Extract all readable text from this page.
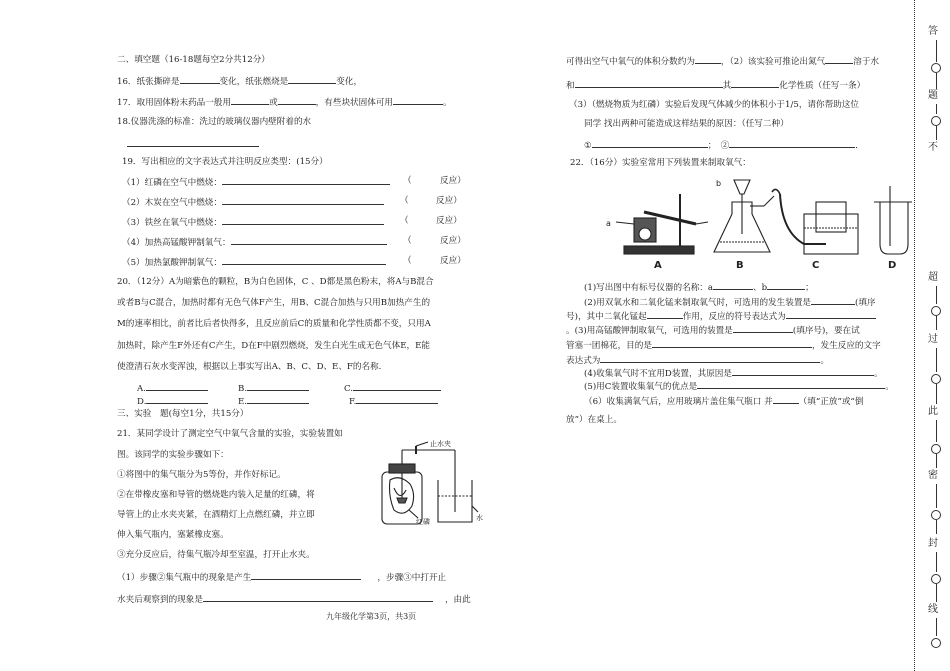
二、填空题（16-18题每空2分共12分）
16．纸张撕碎是	变化，纸张燃烧是	变化，
17．取用固体粉末药品一般用	或	，有些块状固体可用	。
18.仪器洗涤的标准：洗过的玻璃仪器内壁附着的水
19．写出相应的文字表达式并注明反应类型：(15分）
（1）红磷在空气中燃烧：	（	反应）
（2）木炭在空气中燃烧：	（	反应）
（3）铁丝在氧气中燃烧：	（	反应）
（4）加热高锰酸钾制氧气：	（	反应）
（5）加热氯酸钾制氧气：	（	反应）
20．（12分）A为暗紫色的颗粒，B为白色固体，C 、D都是黑色粉末，将A与B混合
或者B与C混合，加热时都有无色气体F产生，用B、C混合加热与只用B加热产生的
M的速率相比，前者比后者快得多，且反应前后C的质量和化学性质都不变，只用A
加热时，除产生F外还有C产生，D在F中剧烈燃烧，发生白光生成无色气体E，E能
使澄清石灰水变浑浊，根据以上事实写出A、B、C、D、E、F的名称.
A.	B.	C.
D.	E.	F.
三、实验　题(每空1分，共15分）
21．某同学设计了测定空气中氧气含量的实验，实验装置如
图。该同学的实验步骤如下：
①将图中的集气瓶分为5等份，并作好标记。
②在带橡皮塞和导管的燃烧匙内装入足量的红磷，将
导管上的止水夹夹紧，在酒精灯上点燃红磷，并立即
伸入集气瓶内，塞紧橡皮塞。
③充分反应后，待集气瓶冷却至室温，打开止水夹。
（1）步骤②集气瓶中的现象是产生	，步骤③中打开止
水夹后观察到的现象是	，由此
止水夹
红磷	水
九年级化学第3页，共3页
可得出空气中氧气的体积分数约为	，（2）该实验可推论出氮气	溶于水
和	其	化学性质（任写一条）
（3）（燃烧物质为红磷）实验后发现气体减少的体积小于1/5，请你帮助这位
同学 找出两种可能造成这样结果的原因：（任写二种）
①	；　②	．
22．（16分）实验室常用下列装置来制取氧气：
A	B	C	D
a
b
(1)写出图中有标号仪器的名称：a	、b	；
(2)用双氧水和二氧化锰来制取氧气时，可选用的发生装置是	(填序
号)，其中二氧化锰起	作用，反应的符号表达式为
。(3)用高锰酸钾制取氧气，可选用的装置是	(填序号)，要在试
管塞一团棉花，目的是	，发生反应的文字
表达式为	。
(4)收集氧气时不宜用D装置，其原因是	。
(5)用C装置收集氧气的优点是	。
（6）收集满氧气后，应用玻璃片盖住集气瓶口 并	（填“正放”或“倒
放”）在桌上。
答
题
不
超
过
此
密
封
线
